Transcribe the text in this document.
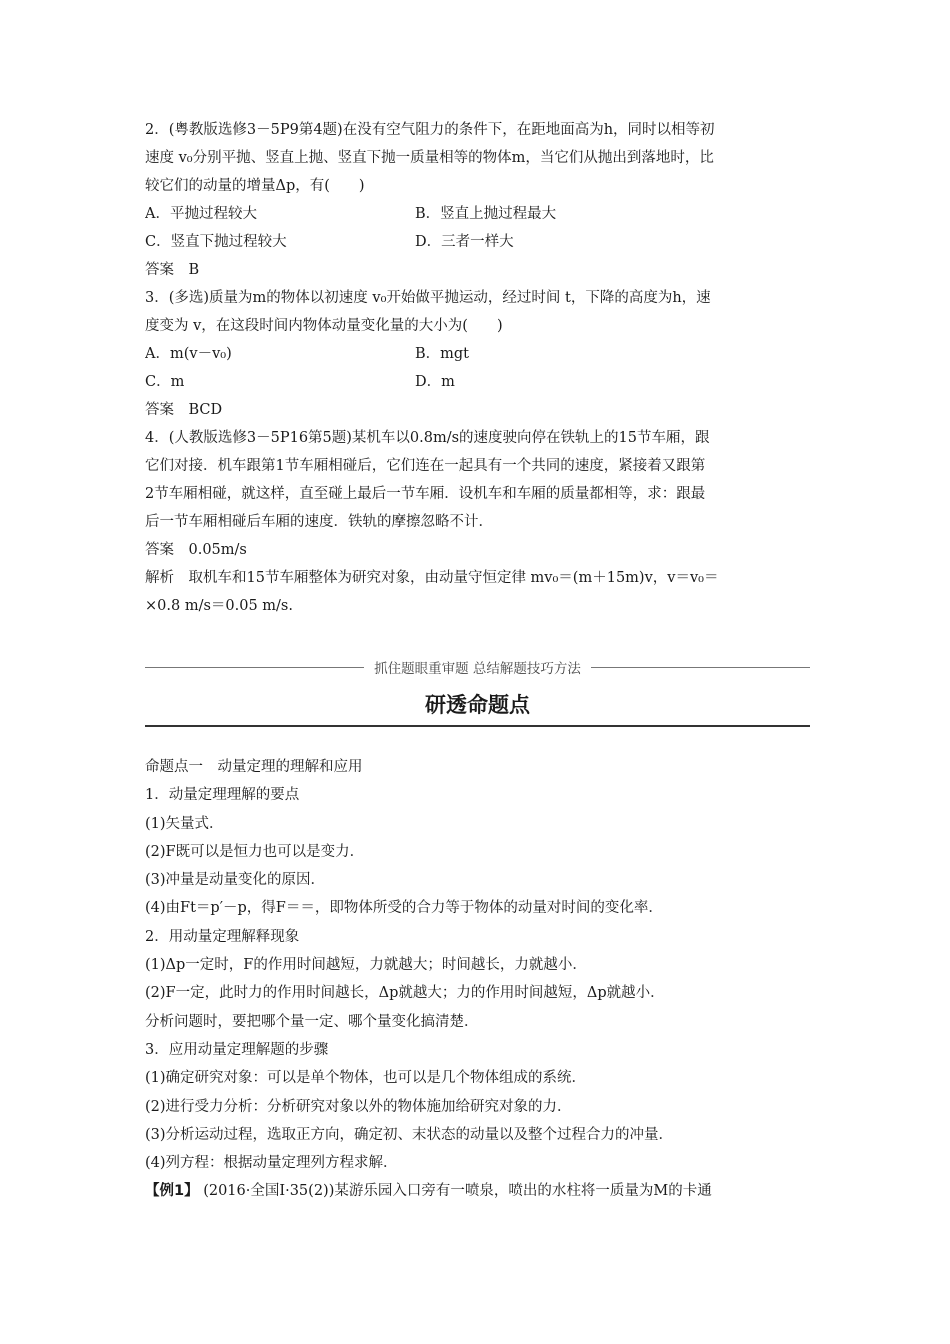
2．(粤教版选修3－5P9第4题)在没有空气阻力的条件下，在距地面高为h，同时以相等初
速度 v₀分别平抛、竖直上抛、竖直下抛一质量相等的物体m，当它们从抛出到落地时，比
较它们的动量的增量Δp，有(　　)
A．平抛过程较大	B．竖直上抛过程最大
C．竖直下抛过程较大	D．三者一样大
答案　B
3．(多选)质量为m的物体以初速度 v₀开始做平抛运动，经过时间 t，下降的高度为h，速
度变为 v，在这段时间内物体动量变化量的大小为(　　)
A．m(v－v₀)	B．mgt
C．m	D．m
答案　BCD
4．(人教版选修3－5P16第5题)某机车以0.8m/s的速度驶向停在铁轨上的15节车厢，跟
它们对接．机车跟第1节车厢相碰后，它们连在一起具有一个共同的速度，紧接着又跟第
2节车厢相碰，就这样，直至碰上最后一节车厢．设机车和车厢的质量都相等，求：跟最
后一节车厢相碰后车厢的速度．铁轨的摩擦忽略不计．
答案　0.05m/s
解析　取机车和15节车厢整体为研究对象，由动量守恒定律 mv₀＝(m＋15m)v，v＝v₀＝
×0.8 m/s＝0.05 m/s.
抓住题眼重审题 总结解题技巧方法
研透命题点
命题点一　动量定理的理解和应用
1．动量定理理解的要点
(1)矢量式．
(2)F既可以是恒力也可以是变力．
(3)冲量是动量变化的原因．
(4)由Ft＝p′－p，得F＝＝，即物体所受的合力等于物体的动量对时间的变化率．
2．用动量定理解释现象
(1)Δp一定时，F的作用时间越短，力就越大；时间越长，力就越小．
(2)F一定，此时力的作用时间越长，Δp就越大；力的作用时间越短，Δp就越小．
分析问题时，要把哪个量一定、哪个量变化搞清楚．
3．应用动量定理解题的步骤
(1)确定研究对象：可以是单个物体，也可以是几个物体组成的系统．
(2)进行受力分析：分析研究对象以外的物体施加给研究对象的力．
(3)分析运动过程，选取正方向，确定初、末状态的动量以及整个过程合力的冲量．
(4)列方程：根据动量定理列方程求解．
【例1】 (2016·全国Ⅰ·35(2))某游乐园入口旁有一喷泉，喷出的水柱将一质量为M的卡通
